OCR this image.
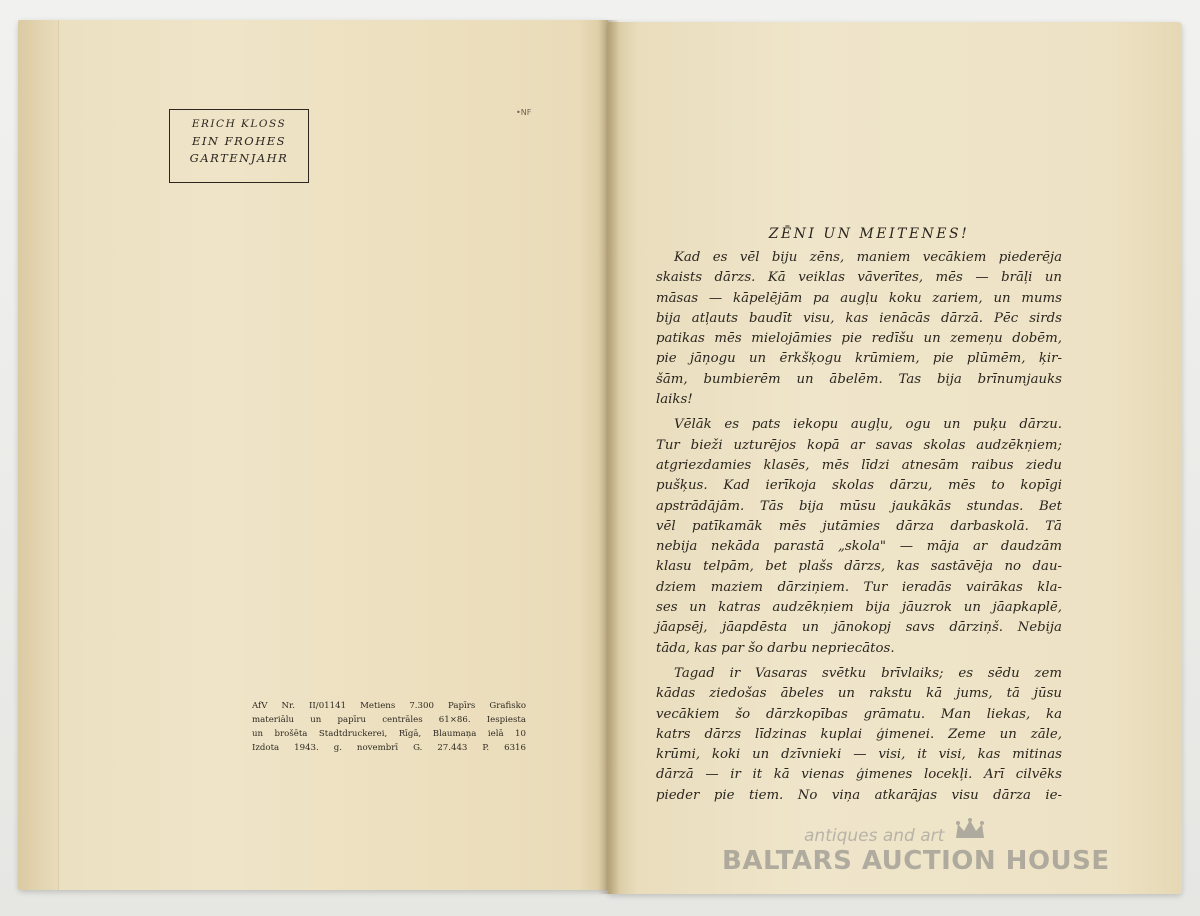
ERICH KLOSS
EIN FROHES
GARTENJAHR
•NF
AfV Nr. II/01141 Metiens 7.300 Papīrs Grafisko
materiālu un papīru centrāles 61×86. Iespiesta
un brošēta Stadtdruckerei, Rīgā, Blaumaņa ielā 10
Izdota 1943. g. novembrī G. 27.443 P. 6316
ZĒNI UN MEITENES!
Kad es vēl biju zēns, maniem vecākiem piederēja
skaists dārzs. Kā veiklas vāverītes, mēs — brāļi un
māsas — kāpelējām pa augļu koku zariem, un mums
bija atļauts baudīt visu, kas ienācās dārzā. Pēc sirds
patikas mēs mielojāmies pie redīšu un zemeņu dobēm,
pie jāņogu un ērkšķogu krūmiem, pie plūmēm, ķir-
šām, bumbierēm un ābelēm. Tas bija brīnumjauks
laiks!
Vēlāk es pats iekopu augļu, ogu un puķu dārzu.
Tur bieži uzturējos kopā ar savas skolas audzēkņiem;
atgriezdamies klasēs, mēs līdzi atnesām raibus ziedu
pušķus. Kad ierīkoja skolas dārzu, mēs to kopīgi
apstrādājām. Tās bija mūsu jaukākās stundas. Bet
vēl patīkamāk mēs jutāmies dārza darbaskolā. Tā
nebija nekāda parastā „skola" — māja ar daudzām
klasu telpām, bet plašs dārzs, kas sastāvēja no dau-
dziem maziem dārziņiem. Tur ieradās vairākas kla-
ses un katras audzēkņiem bija jāuzrok un jāapkaplē,
jāapsēj, jāapdēsta un jānokopj savs dārziņš. Nebija
tāda, kas par šo darbu nepriecātos.
Tagad ir Vasaras svētku brīvlaiks; es sēdu zem
kādas ziedošas ābeles un rakstu kā jums, tā jūsu
vecākiem šo dārzkopības grāmatu. Man liekas, ka
katrs dārzs līdzinas kuplai ģimenei. Zeme un zāle,
krūmi, koki un dzīvnieki — visi, it visi, kas mitinas
dārzā — ir it kā vienas ģimenes locekļi. Arī cilvēks
pieder pie tiem. No viņa atkarājas visu dārza ie-
antiques and art
BALTARS AUCTION HOUSE
